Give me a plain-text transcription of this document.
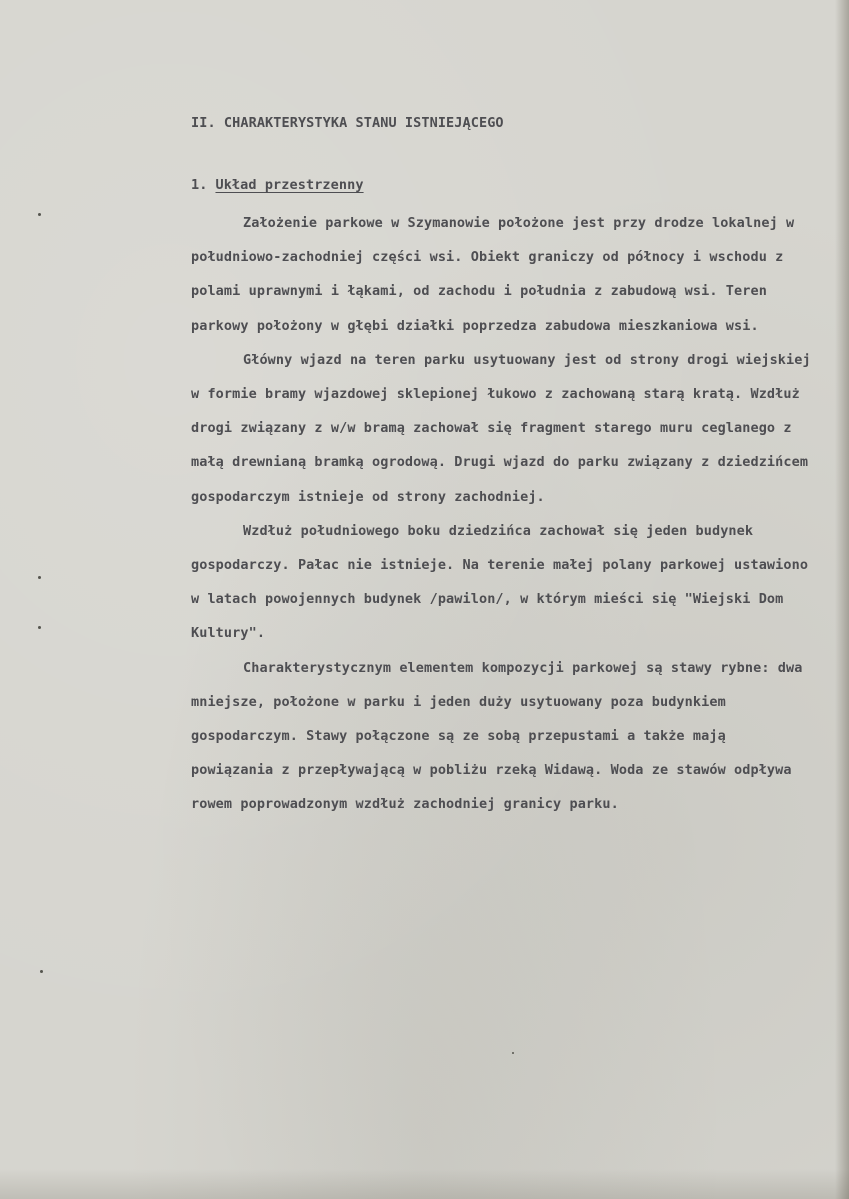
II. CHARAKTERYSTYKA STANU ISTNIEJĄCEGO
1. Układ przestrzenny

Założenie parkowe w Szymanowie położone jest przy drodze lokalnej w południowo-zachodniej części wsi. Obiekt graniczy od północy i wschodu z polami uprawnymi i łąkami, od zachodu i południa z zabudową wsi. Teren parkowy położony w głębi działki poprzedza zabudowa mieszkaniowa wsi.

Główny wjazd na teren parku usytuowany jest od strony drogi wiejskiej w formie bramy wjazdowej sklepionej łukowo z zachowaną starą kratą. Wzdłuż drogi związany z w/w bramą zachował się fragment starego muru ceglanego z małą drewnianą bramką ogrodową. Drugi wjazd do parku związany z dziedzińcem gospodarczym istnieje od strony zachodniej.

Wzdłuż południowego boku dziedzińca zachował się jeden budynek gospodarczy. Pałac nie istnieje. Na terenie małej polany parkowej ustawiono w latach powojennych budynek /pawilon/, w którym mieści się "Wiejski Dom Kultury".

Charakterystycznym elementem kompozycji parkowej są stawy rybne: dwa mniejsze, położone w parku i jeden duży usytuowany poza budynkiem gospodarczym. Stawy połączone są ze sobą przepustami a także mają powiązania z przepływającą w pobliżu rzeką Widawą. Woda ze stawów odpływa rowem poprowadzonym wzdłuż zachodniej granicy parku.
